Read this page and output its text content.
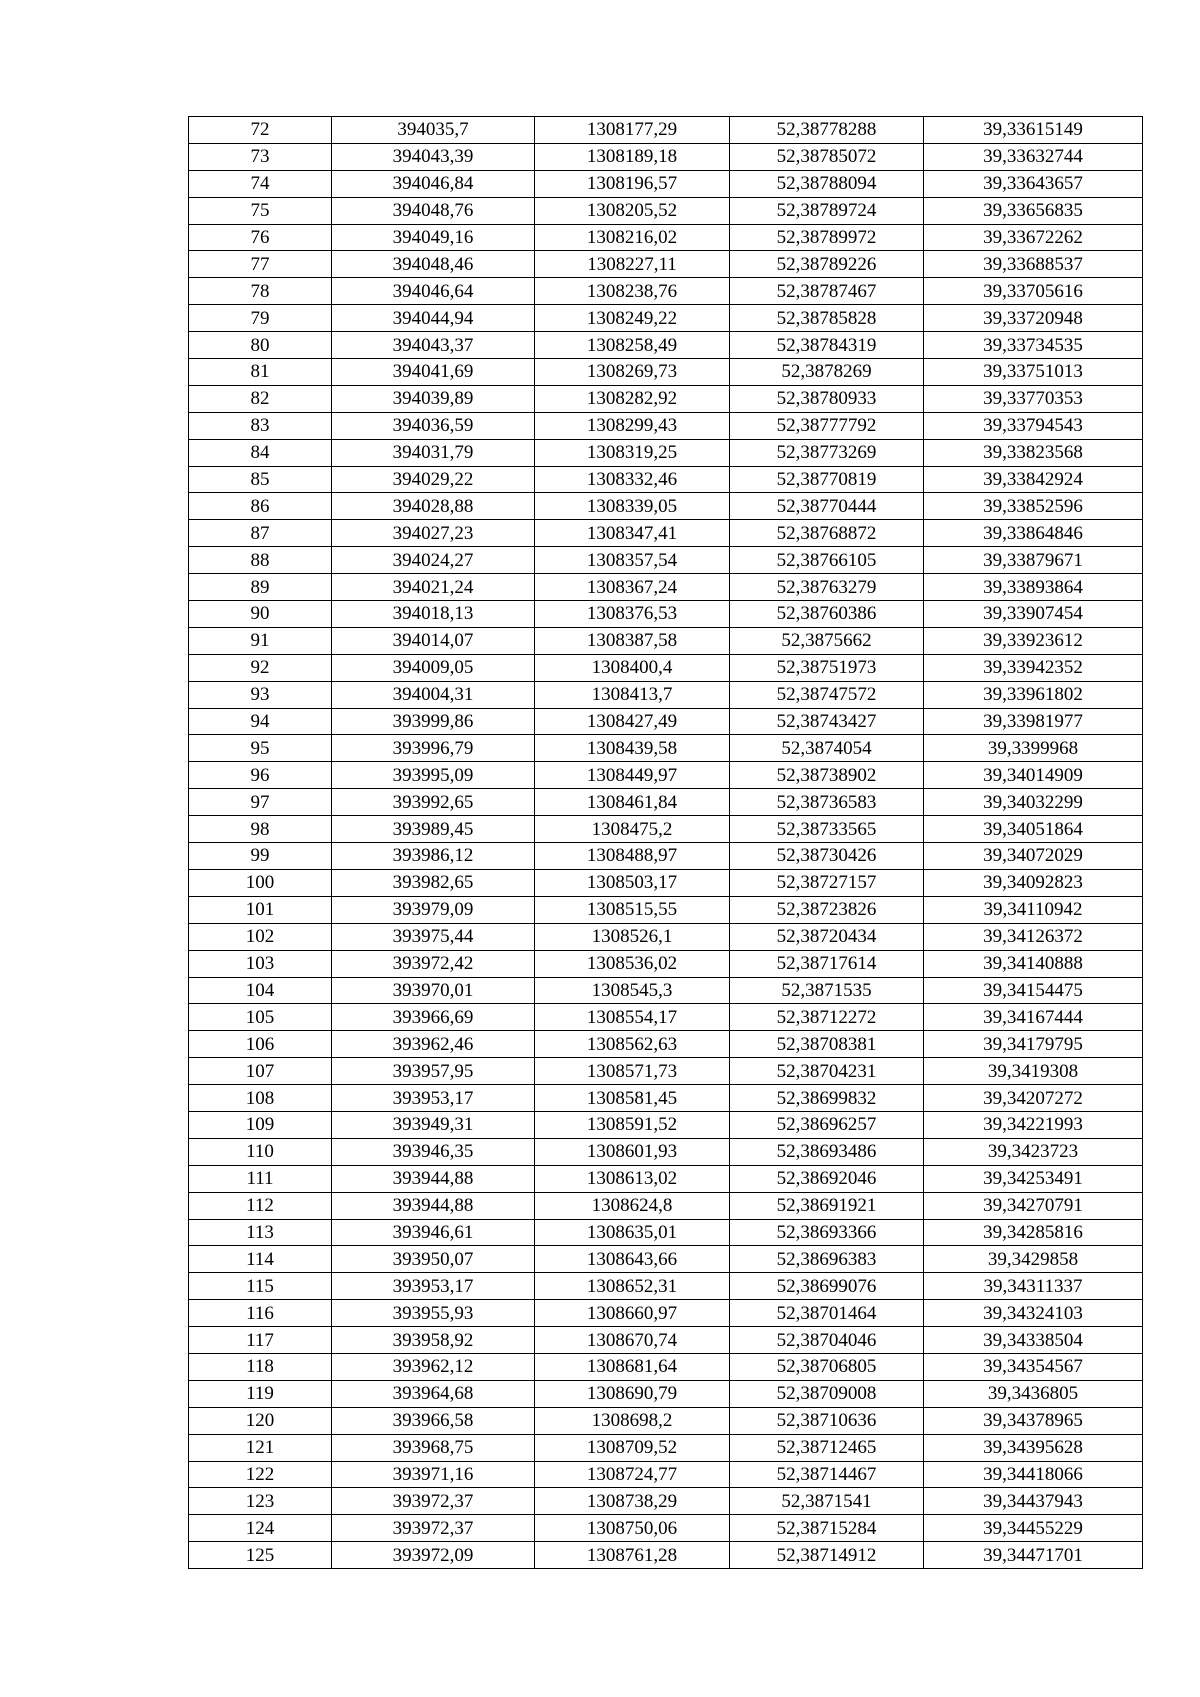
72	394035,7	1308177,29	52,38778288	39,33615149
73	394043,39	1308189,18	52,38785072	39,33632744
74	394046,84	1308196,57	52,38788094	39,33643657
75	394048,76	1308205,52	52,38789724	39,33656835
76	394049,16	1308216,02	52,38789972	39,33672262
77	394048,46	1308227,11	52,38789226	39,33688537
78	394046,64	1308238,76	52,38787467	39,33705616
79	394044,94	1308249,22	52,38785828	39,33720948
80	394043,37	1308258,49	52,38784319	39,33734535
81	394041,69	1308269,73	52,3878269	39,33751013
82	394039,89	1308282,92	52,38780933	39,33770353
83	394036,59	1308299,43	52,38777792	39,33794543
84	394031,79	1308319,25	52,38773269	39,33823568
85	394029,22	1308332,46	52,38770819	39,33842924
86	394028,88	1308339,05	52,38770444	39,33852596
87	394027,23	1308347,41	52,38768872	39,33864846
88	394024,27	1308357,54	52,38766105	39,33879671
89	394021,24	1308367,24	52,38763279	39,33893864
90	394018,13	1308376,53	52,38760386	39,33907454
91	394014,07	1308387,58	52,3875662	39,33923612
92	394009,05	1308400,4	52,38751973	39,33942352
93	394004,31	1308413,7	52,38747572	39,33961802
94	393999,86	1308427,49	52,38743427	39,33981977
95	393996,79	1308439,58	52,3874054	39,3399968
96	393995,09	1308449,97	52,38738902	39,34014909
97	393992,65	1308461,84	52,38736583	39,34032299
98	393989,45	1308475,2	52,38733565	39,34051864
99	393986,12	1308488,97	52,38730426	39,34072029
100	393982,65	1308503,17	52,38727157	39,34092823
101	393979,09	1308515,55	52,38723826	39,34110942
102	393975,44	1308526,1	52,38720434	39,34126372
103	393972,42	1308536,02	52,38717614	39,34140888
104	393970,01	1308545,3	52,3871535	39,34154475
105	393966,69	1308554,17	52,38712272	39,34167444
106	393962,46	1308562,63	52,38708381	39,34179795
107	393957,95	1308571,73	52,38704231	39,3419308
108	393953,17	1308581,45	52,38699832	39,34207272
109	393949,31	1308591,52	52,38696257	39,34221993
110	393946,35	1308601,93	52,38693486	39,3423723
111	393944,88	1308613,02	52,38692046	39,34253491
112	393944,88	1308624,8	52,38691921	39,34270791
113	393946,61	1308635,01	52,38693366	39,34285816
114	393950,07	1308643,66	52,38696383	39,3429858
115	393953,17	1308652,31	52,38699076	39,34311337
116	393955,93	1308660,97	52,38701464	39,34324103
117	393958,92	1308670,74	52,38704046	39,34338504
118	393962,12	1308681,64	52,38706805	39,34354567
119	393964,68	1308690,79	52,38709008	39,3436805
120	393966,58	1308698,2	52,38710636	39,34378965
121	393968,75	1308709,52	52,38712465	39,34395628
122	393971,16	1308724,77	52,38714467	39,34418066
123	393972,37	1308738,29	52,3871541	39,34437943
124	393972,37	1308750,06	52,38715284	39,34455229
125	393972,09	1308761,28	52,38714912	39,34471701
